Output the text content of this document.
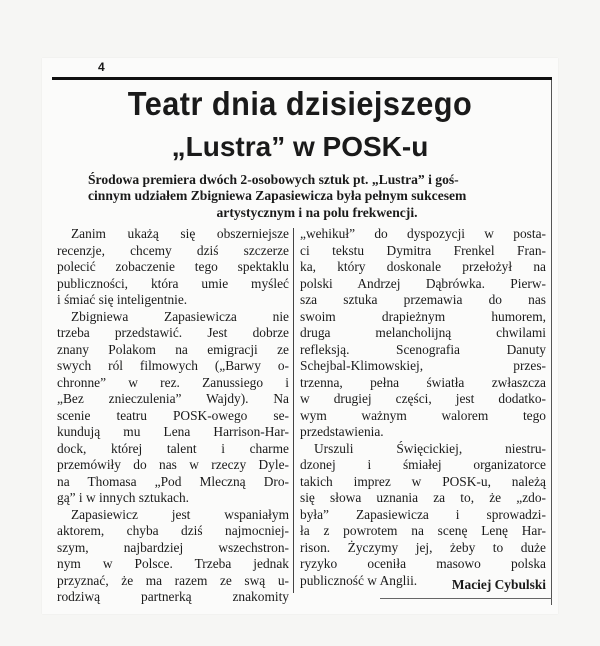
4
Teatr dnia dzisiejszego
„Lustra” w POSK-u
Środowa premiera dwóch 2-osobowych sztuk pt. „Lustra” i goś-
cinnym udziałem Zbigniewa Zapasiewicza była pełnym sukcesem
artystycznym i na polu frekwencji.
Zanim ukażą się obszerniejsze
recenzje, chcemy dziś szczerze
polecić zobaczenie tego spektaklu
publiczności, która umie myśleć
i śmiać się inteligentnie.
Zbigniewa Zapasiewicza nie
trzeba przedstawić. Jest dobrze
znany Polakom na emigracji ze
swych ról filmowych („Barwy o-
chronne” w rez. Zanussiego i
„Bez znieczulenia” Wajdy). Na
scenie teatru POSK-owego se-
kundują mu Lena Harrison-Har-
dock, której talent i charme
przemówiły do nas w rzeczy Dyle-
na Thomasa „Pod Mleczną Dro-
gą” i w innych sztukach.
Zapasiewicz jest wspaniałym
aktorem, chyba dziś najmocniej-
szym, najbardziej wszechstron-
nym w Polsce. Trzeba jednak
przyznać, że ma razem ze swą u-
rodziwą partnerką znakomity
„wehikuł” do dyspozycji w posta-
ci tekstu Dymitra Frenkel Fran-
ka, który doskonale przełożył na
polski Andrzej Dąbrówka. Pierw-
sza sztuka przemawia do nas
swoim drapieżnym humorem,
druga melancholijną chwilami
refleksją. Scenografia Danuty
Schejbal-Klimowskiej, przes-
trzenna, pełna światła zwłaszcza
w drugiej części, jest dodatko-
wym ważnym walorem tego
przedstawienia.
Urszuli Święcickiej, niestru-
dzonej i śmiałej organizatorce
takich imprez w POSK-u, należą
się słowa uznania za to, że „zdo-
była” Zapasiewicza i sprowadzi-
ła z powrotem na scenę Lenę Har-
rison. Życzymy jej, żeby to duże
ryzyko oceniła masowo polska
publiczność w Anglii.	Maciej Cybulski
